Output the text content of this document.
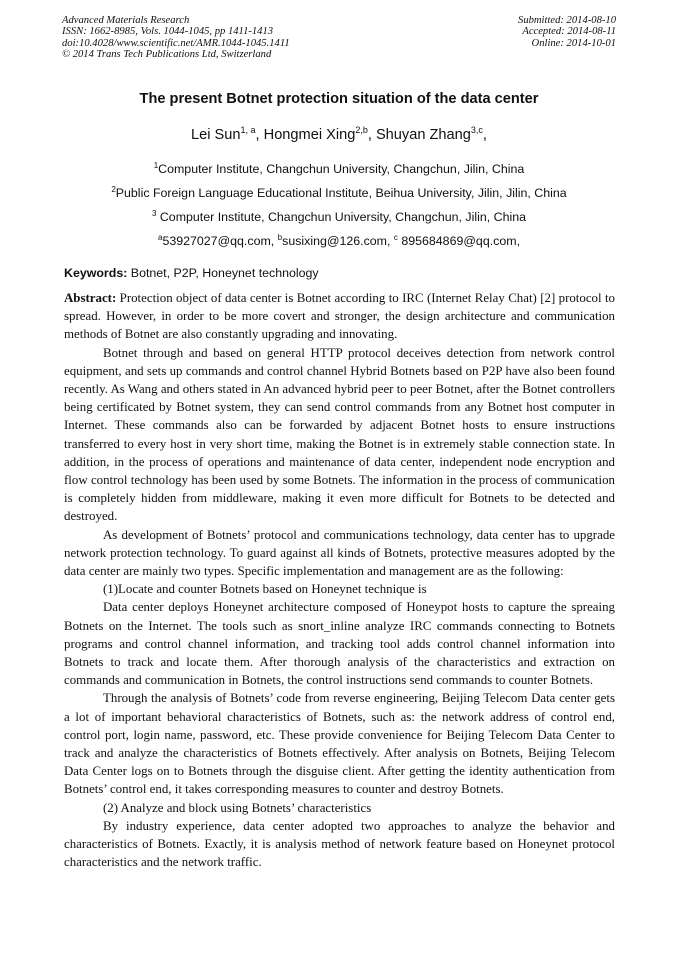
Advanced Materials Research
ISSN: 1662-8985, Vols. 1044-1045, pp 1411-1413
doi:10.4028/www.scientific.net/AMR.1044-1045.1411
© 2014 Trans Tech Publications Ltd, Switzerland
Submitted: 2014-08-10
Accepted: 2014-08-11
Online: 2014-10-01
The present Botnet protection situation of the data center
Lei Sun$^{1, a}$, Hongmei Xing$^{2,b}$, Shuyan Zhang$^{3,c}$,
$^1$Computer Institute, Changchun University, Changchun, Jilin, China
$^2$Public Foreign Language Educational Institute, Beihua University, Jilin, Jilin, China
$^3$ Computer Institute, Changchun University, Changchun, Jilin, China
$^a$53927027@qq.com, $^b$susixing@126.com, $^c$ 895684869@qq.com,
Keywords: Botnet, P2P, Honeynet technology

Abstract: Protection object of data center is Botnet according to IRC (Internet Relay Chat) [2] protocol to spread. However, in order to be more covert and stronger, the design architecture and communication methods of Botnet are also constantly upgrading and innovating.

Botnet through and based on general HTTP protocol deceives detection from network control equipment, and sets up commands and control channel Hybrid Botnets based on P2P have also been found recently. As Wang and others stated in An advanced hybrid peer to peer Botnet, after the Botnet controllers being certificated by Botnet system, they can send control commands from any Botnet host computer in Internet. These commands also can be forwarded by adjacent Botnet hosts to ensure instructions transferred to every host in very short time, making the Botnet is in extremely stable connection state. In addition, in the process of operations and maintenance of data center, independent node encryption and flow control technology has been used by some Botnets. The information in the process of communication is completely hidden from middleware, making it even more difficult for Botnets to be detected and destroyed.

As development of Botnets’ protocol and communications technology, data center has to upgrade network protection technology. To guard against all kinds of Botnets, protective measures adopted by the data center are mainly two types. Specific implementation and management are as the following:

(1)Locate and counter Botnets based on Honeynet technique is

Data center deploys Honeynet architecture composed of Honeypot hosts to capture the spreaing Botnets on the Internet. The tools such as snort_inline analyze IRC commands connecting to Botnets programs and control channel information, and tracking tool adds control channel information into Botnets to track and locate them. After thorough analysis of the characteristics and extraction on commands and communication in Botnets, the control instructions send commands to counter Botnets.

Through the analysis of Botnets’ code from reverse engineering, Beijing Telecom Data center gets a lot of important behavioral characteristics of Botnets, such as: the network address of control end, control port, login name, password, etc. These provide convenience for Beijing Telecom Data Center to track and analyze the characteristics of Botnets effectively. After analysis on Botnets, Beijing Telecom Data Center logs on to Botnets through the disguise client. After getting the identity authentication from Botnets’ control end, it takes corresponding measures to counter and destroy Botnets.

(2) Analyze and block using Botnets’ characteristics

By industry experience, data center adopted two approaches to analyze the behavior and characteristics of Botnets. Exactly, it is analysis method of network feature based on Honeynet protocol characteristics and the network traffic.
